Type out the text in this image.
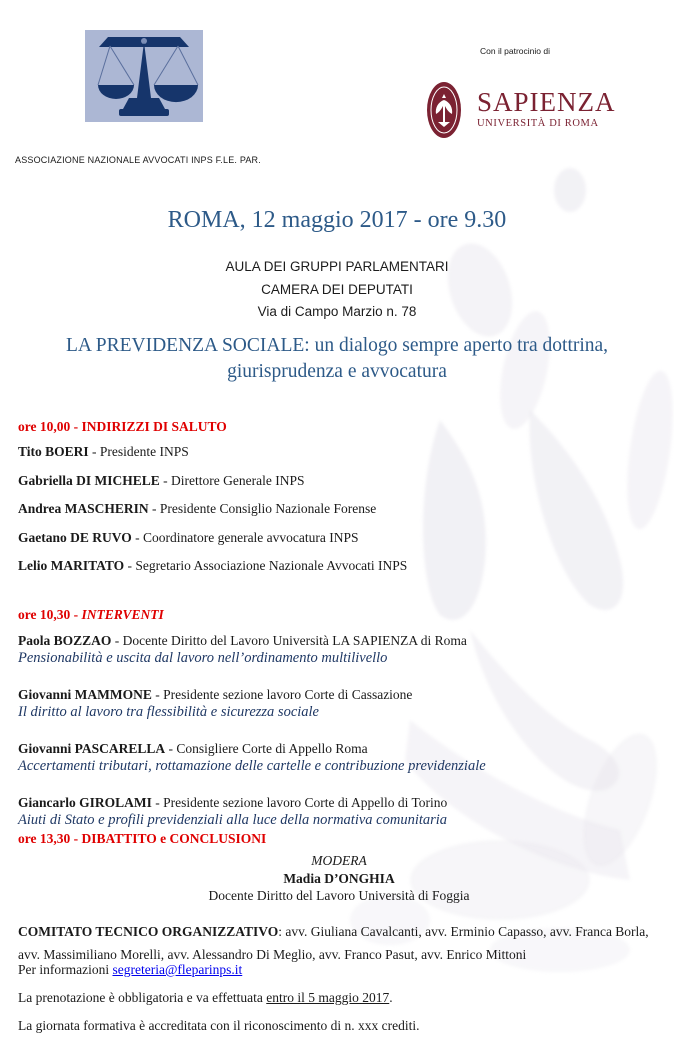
Con il patrocinio di
SAPIENZA
UNIVERSITÀ DI ROMA
ASSOCIAZIONE NAZIONALE AVVOCATI INPS F.LE. PAR.
ROMA, 12 maggio 2017 - ore 9.30
AULA DEI GRUPPI PARLAMENTARI
CAMERA DEI DEPUTATI
Via di Campo Marzio n. 78
LA PREVIDENZA SOCIALE: un dialogo sempre aperto tra dottrina,
giurisprudenza e avvocatura

ore 10,00 - INDIRIZZI DI SALUTO

Tito BOERI - Presidente INPS

Gabriella DI MICHELE - Direttore Generale INPS

Andrea MASCHERIN - Presidente Consiglio Nazionale Forense

Gaetano DE RUVO - Coordinatore generale avvocatura INPS

Lelio MARITATO - Segretario Associazione Nazionale Avvocati INPS

ore 10,30 - INTERVENTI

Paola BOZZAO - Docente Diritto del Lavoro Università LA SAPIENZA di Roma
Pensionabilità e uscita dal lavoro nell’ordinamento multilivello
Giovanni MAMMONE - Presidente sezione lavoro Corte di Cassazione
Il diritto al lavoro tra flessibilità e sicurezza sociale
Giovanni PASCARELLA - Consigliere Corte di Appello Roma
Accertamenti tributari, rottamazione delle cartelle e contribuzione previdenziale
Giancarlo GIROLAMI - Presidente sezione lavoro Corte di Appello di Torino
Aiuti di Stato e profili previdenziali alla luce della normativa comunitaria

ore 13,30 - DIBATTITO e CONCLUSIONI

MODERA
Madia D’ONGHIA
Docente Diritto del Lavoro Università di Foggia

COMITATO TECNICO ORGANIZZATIVO: avv. Giuliana Cavalcanti, avv. Erminio Capasso, avv. Franca Borla, avv. Massimiliano Morelli, avv. Alessandro Di Meglio, avv. Franco Pasut, avv. Enrico Mittoni

Per informazioni segreteria@fleparinps.it

La prenotazione è obbligatoria e va effettuata entro il 5 maggio 2017.

La giornata formativa è accreditata con il riconoscimento di n. xxx crediti.
